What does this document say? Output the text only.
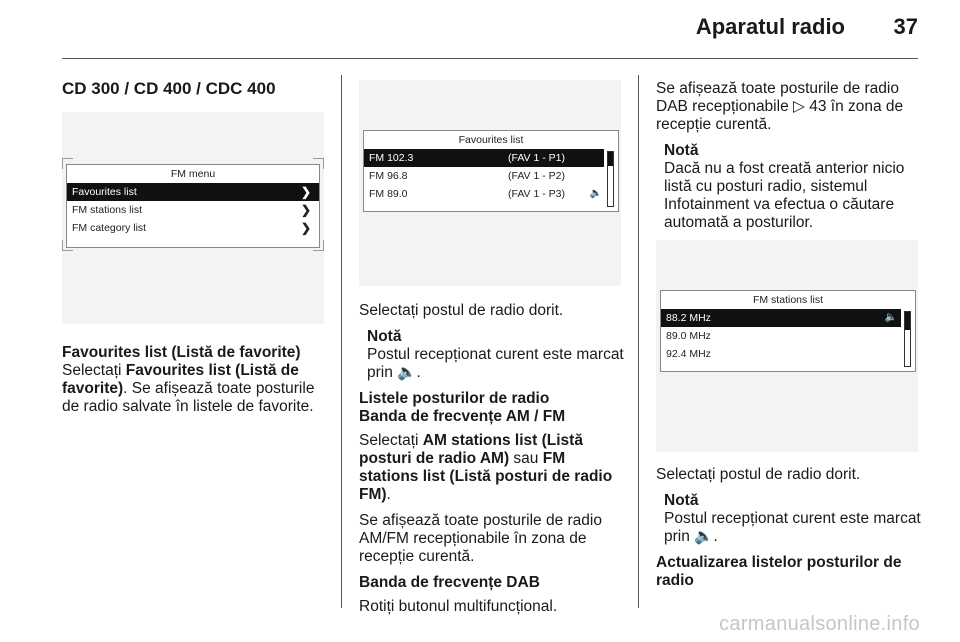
Aparatul radio 37
CD 300 / CD 400 / CDC 400
FM menu
Favourites list	❯
FM stations list	❯
FM category list	❯
Favourites list (Listă de favorite)

Selectați Favourites list (Listă de favorite). Se afișează toate posturile de radio salvate în listele de favorite.

Favourites list
FM 102.3	(FAV 1 - P1)
FM 96.8	(FAV 1 - P2)
FM 89.0	(FAV 1 - P3) 🔈

Selectați postul de radio dorit.

Notă
Postul recepționat curent este marcat prin 🔈.
Listele posturilor de radio
Banda de frecvențe AM / FM

Selectați AM stations list (Listă posturi de radio AM) sau FM stations list (Listă posturi de radio FM).

Se afișează toate posturile de radio AM/FM recepționabile în zona de recepție curentă.

Banda de frecvențe DAB

Rotiți butonul multifuncțional.

Se afișează toate posturile de radio DAB recepționabile ▷ 43 în zona de recepție curentă.

Notă
Dacă nu a fost creată anterior nicio listă cu posturi radio, sistemul Infotainment va efectua o căutare automată a posturilor.
FM stations list
88.2 MHz	🔈
89.0 MHz
92.4 MHz

Selectați postul de radio dorit.

Notă
Postul recepționat curent este marcat prin 🔈.
Actualizarea listelor posturilor de radio
carmanualsonline.info
